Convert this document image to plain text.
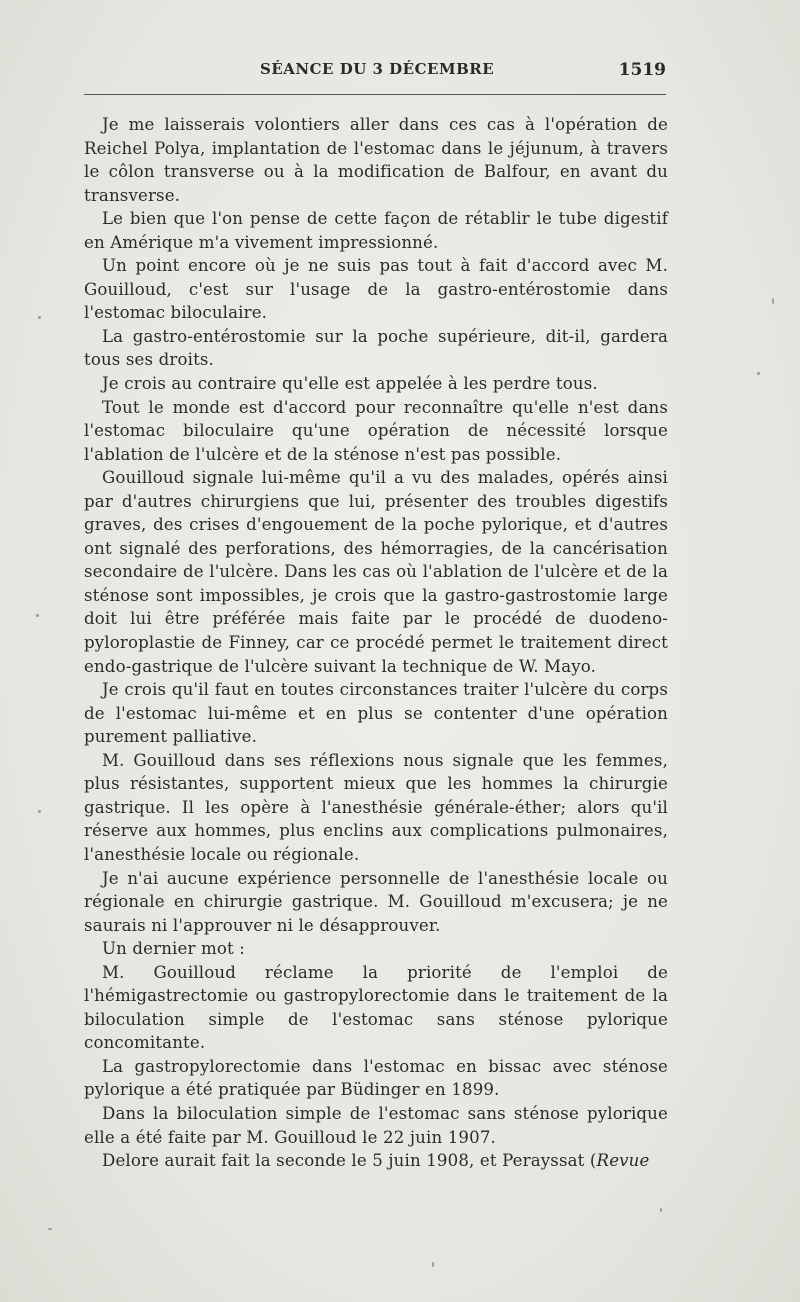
SÉANCE DU 3 DÉCEMBRE	1519

Je me laisserais volontiers aller dans ces cas à l'opération de Reichel Polya, implantation de l'estomac dans le jéjunum, à travers le côlon transverse ou à la modification de Balfour, en avant du transverse.

Le bien que l'on pense de cette façon de rétablir le tube digestif en Amérique m'a vivement impressionné.

Un point encore où je ne suis pas tout à fait d'accord avec M. Gouilloud, c'est sur l'usage de la gastro-entérostomie dans l'estomac biloculaire.

La gastro-entérostomie sur la poche supérieure, dit-il, gardera tous ses droits.

Je crois au contraire qu'elle est appelée à les perdre tous.

Tout le monde est d'accord pour reconnaître qu'elle n'est dans l'estomac biloculaire qu'une opération de nécessité lorsque l'ablation de l'ulcère et de la sténose n'est pas possible.

Gouilloud signale lui-même qu'il a vu des malades, opérés ainsi par d'autres chirurgiens que lui, présenter des troubles digestifs graves, des crises d'engouement de la poche pylorique, et d'autres ont signalé des perforations, des hémorragies, de la cancérisation secondaire de l'ulcère. Dans les cas où l'ablation de l'ulcère et de la sténose sont impossibles, je crois que la gastro-gastrostomie large doit lui être préférée mais faite par le procédé de duodeno-pyloroplastie de Finney, car ce procédé permet le traitement direct endo-gastrique de l'ulcère suivant la technique de W. Mayo.

Je crois qu'il faut en toutes circonstances traiter l'ulcère du corps de l'estomac lui-même et en plus se contenter d'une opération purement palliative.

M. Gouilloud dans ses réflexions nous signale que les femmes, plus résistantes, supportent mieux que les hommes la chirurgie gastrique. Il les opère à l'anesthésie générale-éther; alors qu'il réserve aux hommes, plus enclins aux complications pulmonaires, l'anesthésie locale ou régionale.

Je n'ai aucune expérience personnelle de l'anesthésie locale ou régionale en chirurgie gastrique. M. Gouilloud m'excusera; je ne saurais ni l'approuver ni le désapprouver.

Un dernier mot :

M. Gouilloud réclame la priorité de l'emploi de l'hémigastrectomie ou gastropylorectomie dans le traitement de la biloculation simple de l'estomac sans sténose pylorique concomitante.

La gastropylorectomie dans l'estomac en bissac avec sténose pylorique a été pratiquée par Büdinger en 1899.

Dans la biloculation simple de l'estomac sans sténose pylorique elle a été faite par M. Gouilloud le 22 juin 1907.

Delore aurait fait la seconde le 5 juin 1908, et Perayssat (Revue
